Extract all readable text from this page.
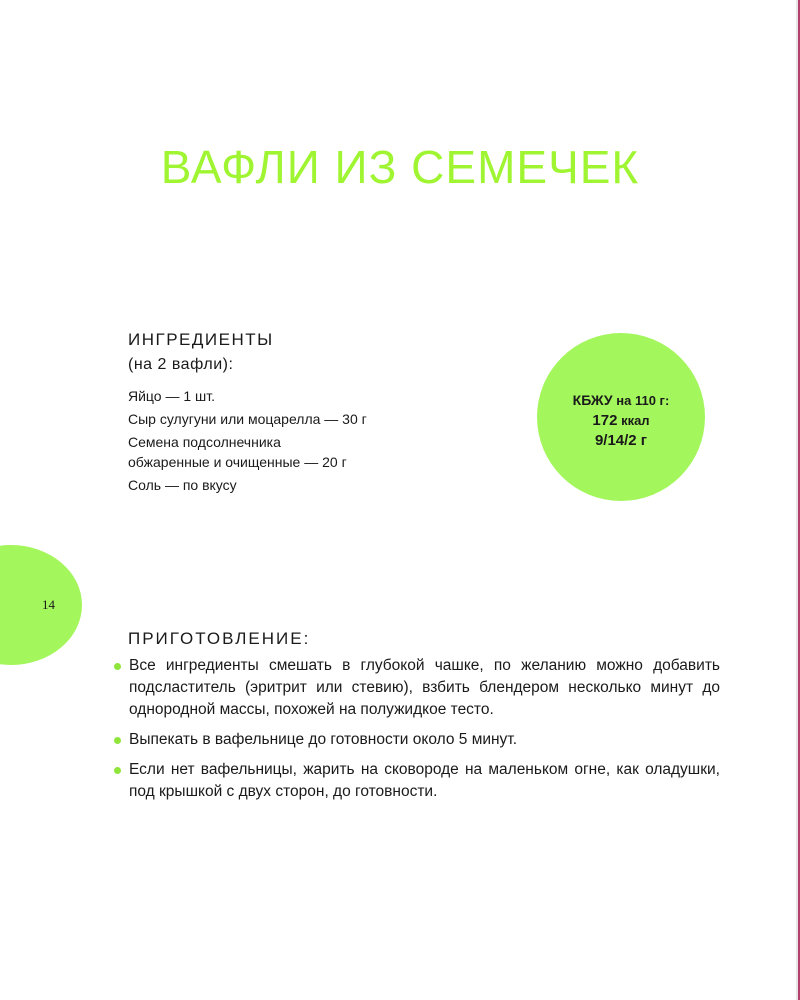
ВАФЛИ ИЗ СЕМЕЧЕК
ИНГРЕДИЕНТЫ
(на 2 вафли):
Яйцо — 1 шт.
Сыр сулугуни или моцарелла — 30 г
Семена подсолнечника
обжаренные и очищенные — 20 г
Соль — по вкусу
КБЖУ на 110 г:
172 ккал
9/14/2 г
14
ПРИГОТОВЛЕНИЕ:
Все ингредиенты смешать в глубокой чашке, по желанию можно добавить подсластитель (эритрит или стевию), взбить блендером несколько минут до однородной массы, похожей на полужидкое тесто.
Выпекать в вафельнице до готовности около 5 минут.
Если нет вафельницы, жарить на сковороде на маленьком огне, как оладушки, под крышкой с двух сторон, до готовности.
